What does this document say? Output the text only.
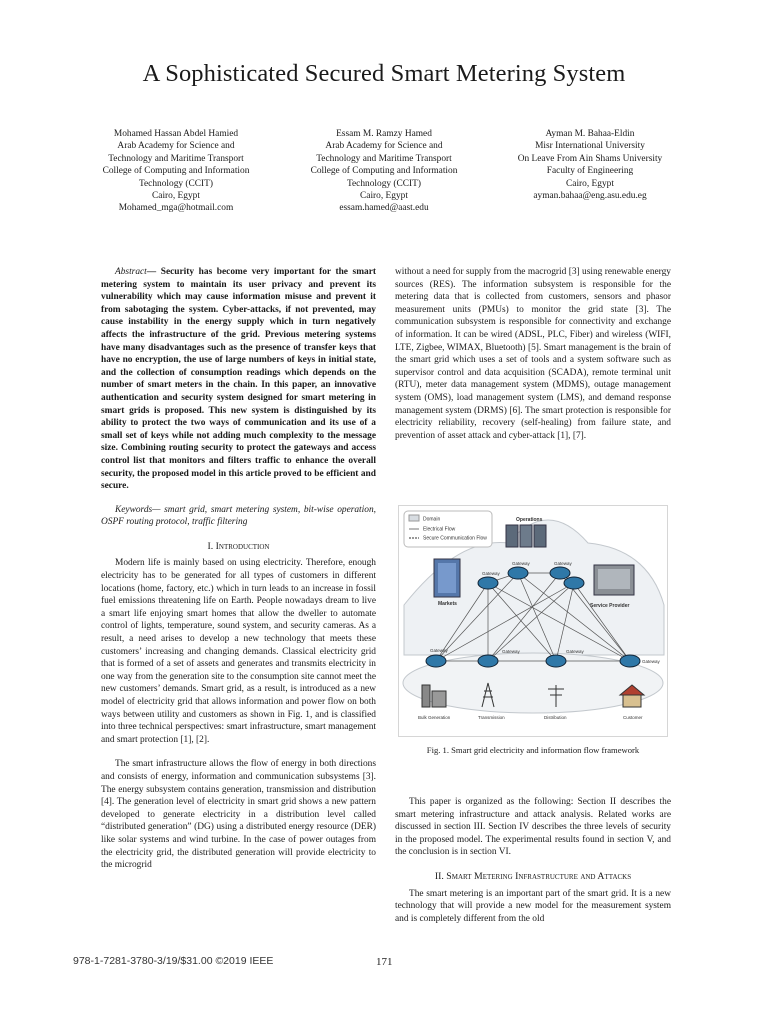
A Sophisticated Secured Smart Metering System
Mohamed Hassan Abdel Hamied
Arab Academy for Science and
Technology and Maritime Transport
College of Computing and Information
Technology (CCIT)
Cairo, Egypt
Mohamed_mga@hotmail.com
Essam M. Ramzy Hamed
Arab Academy for Science and
Technology and Maritime Transport
College of Computing and Information
Technology (CCIT)
Cairo, Egypt
essam.hamed@aast.edu
Ayman M. Bahaa-Eldin
Misr International University
On Leave From Ain Shams University
Faculty of Engineering
Cairo, Egypt
ayman.bahaa@eng.asu.edu.eg

Abstract— Security has become very important for the smart metering system to maintain its user privacy and prevent its vulnerability which may cause information misuse and prevent it from sabotaging the system. Cyber-attacks, if not prevented, may cause instability in the energy supply which in turn negatively affects the infrastructure of the grid. Previous metering systems have many disadvantages such as the presence of transfer keys that have no encryption, the use of large numbers of keys in initial state, and the collection of consumption readings which depends on the number of smart meters in the chain. In this paper, an innovative authentication and security system designed for smart metering in smart grids is proposed. This new system is distinguished by its ability to protect the two ways of communication and its use of a small set of keys while not adding much complexity to the message size. Combining routing security to protect the gateways and access control list that monitors and filters traffic to enhance the overall security, the proposed model in this article proved to be efficient and secure.

Keywords— smart grid, smart metering system, bit-wise operation, OSPF routing protocol, traffic filtering

I. Introduction

Modern life is mainly based on using electricity. Therefore, enough electricity has to be generated for all types of customers in different locations (home, factory, etc.) which in turn leads to an increase in fossil fuel emissions threatening life on Earth. People nowadays dream to live a smart life enjoying smart homes that allow the dweller to automate control of lights, temperature, sound system, and security cameras. As a result, a need arises to develop a new technology that meets these customers’ increasing and changing demands. Classical electricity grid that is formed of a set of assets and generates and transmits electricity in one way from the generation site to the consumption site cannot meet the new customers’ demands. Smart grid, as a result, is introduced as a new model of electricity grid that allows information and power flow on both ways between utility and customers as shown in Fig. 1, and is classified into three technical perspectives: smart infrastructure, smart management and smart protection [1], [2].

The smart infrastructure allows the flow of energy in both directions and consists of energy, information and communication subsystems [3]. The energy subsystem contains generation, transmission and distribution [4]. The generation level of electricity in smart grid shows a new pattern developed to generate electricity in a distribution level called “distributed generation” (DG) using a distributed energy resource (DER) like solar systems and wind turbine. In the case of power outages from the electricity grid, the distributed generation will provide electricity to the microgrid

without a need for supply from the macrogrid [3] using renewable energy sources (RES). The information subsystem is responsible for the metering data that is collected from customers, sensors and phasor measurement units (PMUs) to monitor the grid state [3]. The communication subsystem is responsible for connectivity and exchange of information. It can be wired (ADSL, PLC, Fiber) and wireless (WIFI, LTE, Zigbee, WIMAX, Bluetooth) [5]. Smart management is the brain of the smart grid which uses a set of tools and a system software such as supervisor control and data acquisition (SCADA), remote terminal unit (RTU), meter data management system (MDMS), outage management system (OMS), load management system (LMS), and demand response management system (DRMS) [6]. The smart protection is responsible for electricity reliability, recovery (self-healing) from failure state, and prevention of asset attack and cyber-attack [1], [7].

Domain
Electrical Flow
Secure Communication Flow
Operations
Markets	Service Provider
Gateway
Gateway	Gateway
Gateway	Gateway	Gateway
Gateway
Bulk Generation	Transmission	Distribution	Customer
Fig. 1. Smart grid electricity and information flow framework

This paper is organized as the following: Section II describes the smart metering infrastructure and attack analysis. Related works are discussed in section III. Section IV describes the three levels of security in the proposed model. The experimental results found in section V, and the conclusion is in section VI.

II. Smart Metering Infrastructure and Attacks

The smart metering is an important part of the smart grid. It is a new technology that will provide a new model for the measurement system and is completely different from the old

978-1-7281-3780-3/19/$31.00 ©2019 IEEE	171
